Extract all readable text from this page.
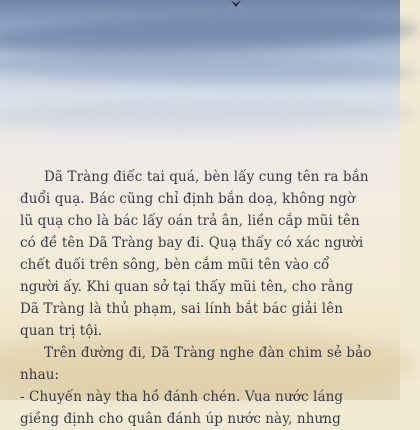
Dã Tràng điếc tai quá, bèn lấy cung tên ra bắn

đuổi quạ. Bác cũng chỉ định bắn doạ, không ngờ

lũ quạ cho là bác lấy oán trả ân, liền cắp mũi tên

có đề tên Dã Tràng bay đi. Quạ thấy có xác người

chết đuối trên sông, bèn cắm mũi tên vào cổ

người ấy. Khi quan sở tại thấy mũi tên, cho rằng

Dã Tràng là thủ phạm, sai lính bắt bác giải lên

quan trị tội.

Trên đường đi, Dã Tràng nghe đàn chim sẻ bảo

nhau:

- Chuyến này tha hồ đánh chén. Vua nước láng

giềng định cho quân đánh úp nước này, nhưng
